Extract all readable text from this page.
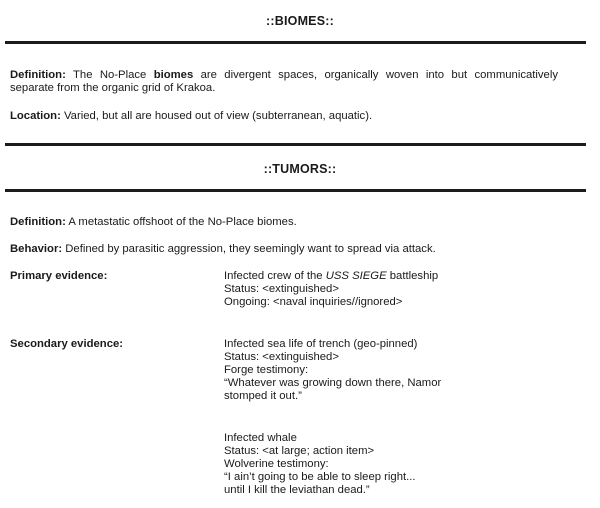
::BIOMES::
Definition: The No-Place biomes are divergent spaces, organically woven into but communicatively separate from the organic grid of Krakoa.
Location: Varied, but all are housed out of view (subterranean, aquatic).
::TUMORS::
Definition: A metastatic offshoot of the No-Place biomes.
Behavior: Defined by parasitic aggression, they seemingly want to spread via attack.
Primary evidence:	Infected crew of the USS SIEGE battleship
Status: <extinguished>
Ongoing: <naval inquiries//ignored>
Secondary evidence:	Infected sea life of trench (geo-pinned)
Status: <extinguished>
Forge testimony:
“Whatever was growing down there, Namor
stomped it out.”
Infected whale
Status: <at large; action item>
Wolverine testimony:
“I ain’t going to be able to sleep right...
until I kill the leviathan dead.”
